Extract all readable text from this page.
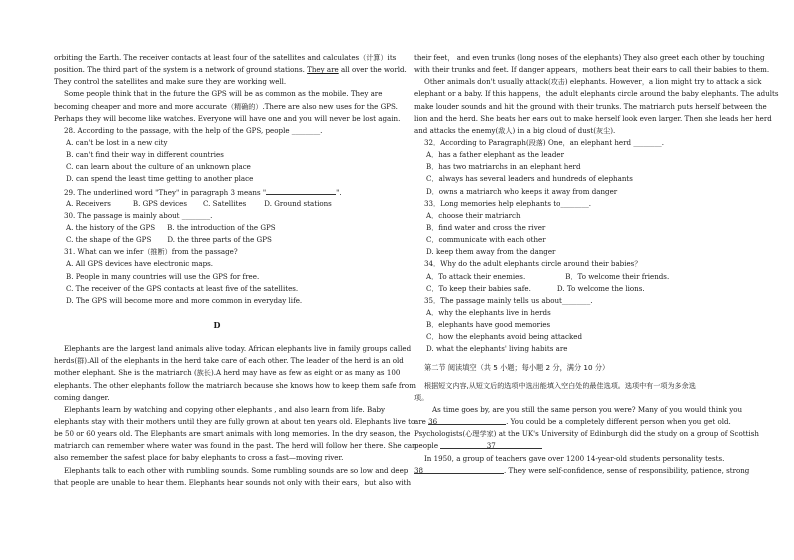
orbiting the Earth. The receiver contacts at least four of the satellites and calculates（计算）its
position. The third part of the system is a network of ground stations. They are all over the world.
They control the satellites and make sure they are working well.
Some people think that in the future the GPS will be as common as the mobile. They are
becoming cheaper and more and more accurate（精确的）.There are also new uses for the GPS.
Perhaps they will become like watches. Everyone will have one and you will never be lost again.
28. According to the passage, with the help of the GPS, people ________.
A. can't be lost in a new city
B. can't find their way in different countries
C. can learn about the culture of an unknown place
D. can spend the least time getting to another place
29. The underlined word "They" in paragraph 3 means "	".
A. Receivers	B. GPS devices C. Satellites	D. Ground stations
30. The passage is mainly about ________.
A. the history of the GPS B. the introduction of the GPS
C. the shape of the GPS D. the three parts of the GPS
31. What can we infer（推断）from the passage?
A. All GPS devices have electronic maps.
B. People in many countries will use the GPS for free.
C. The receiver of the GPS contacts at least five of the satellites.
D. The GPS will become more and more common in everyday life.
D
Elephants are the largest land animals alive today. African elephants live in family groups called
herds(群).All of the elephants in the herd take care of each other. The leader of the herd is an old
mother elephant. She is the matriarch (族长).A herd may have as few as eight or as many as 100
elephants. The other elephants follow the matriarch because she knows how to keep them safe from
coming danger.
Elephants learn by watching and copying other elephants , and also learn from life. Baby
elephants stay with their mothers until they are fully grown at about ten years old. Elephants live to
be 50 or 60 years old. The Elephants are smart animals with long memories. In the dry season, the
matriarch can remember where water was found in the past. The herd will follow her there. She can
also remember the safest place for baby elephants to cross a fast—moving river.
Elephants talk to each other with rumbling sounds. Some rumbling sounds are so low and deep
that people are unable to hear them. Elephants hear sounds not only with their ears，but also with
their feet， and even trunks (long noses of the elephants) They also greet each other by touching
with their trunks and feet. If danger appears，mothers beat their ears to call their babies to them.
Other animals don't usually attack(攻击) elephants. However，a lion might try to attack a sick
elephant or a baby. If this happens，the adult elephants circle around the baby elephants. The adults
make louder sounds and hit the ground with their trunks. The matriarch puts herself between the
lion and the herd. She beats her ears out to make herself look even larger. Then she leads her herd
and attacks the enemy(敌人) in a big cloud of dust(灰尘).
32．According to Paragraph(段落) One，an elephant herd ________.
A．has a father elephant as the leader
B．has two matriarchs in an elephant herd
C．always has several leaders and hundreds of elephants
D．owns a matriarch who keeps it away from danger
33．Long memories help elephants to________.
A．choose their matriarch
B．find water and cross the river
C．communicate with each other
D. keep them away from the danger
34．Why do the adult elephants circle around their babies？
A．To attack their enemies.	B．To welcome their friends.
C．To keep their babies safe.	D. To welcome the lions.
35．The passage mainly tells us about________.
A．why the elephants live in herds
B．elephants have good memories
C．how the elephants avoid being attacked
D. what the elephants' living habits are
第二节 阅读填空（共 5 小题；每小题 2 分，满分 10 分）
根据短文内容,从短文后的选项中选出能填入空白处的最佳选项。选项中有一项为多余选
项。
As time goes by, are you still the same person you were? Many of you would think you
are 36	. You could be a completely different person when you get old.
Psychologists(心理学家) at the UK's University of Edinburgh did the study on a group of Scottish
people	37
In 1950, a group of teachers gave over 1200 14-year-old students personality tests.
38	. They were self-confidence, sense of responsibility, patience, strong
